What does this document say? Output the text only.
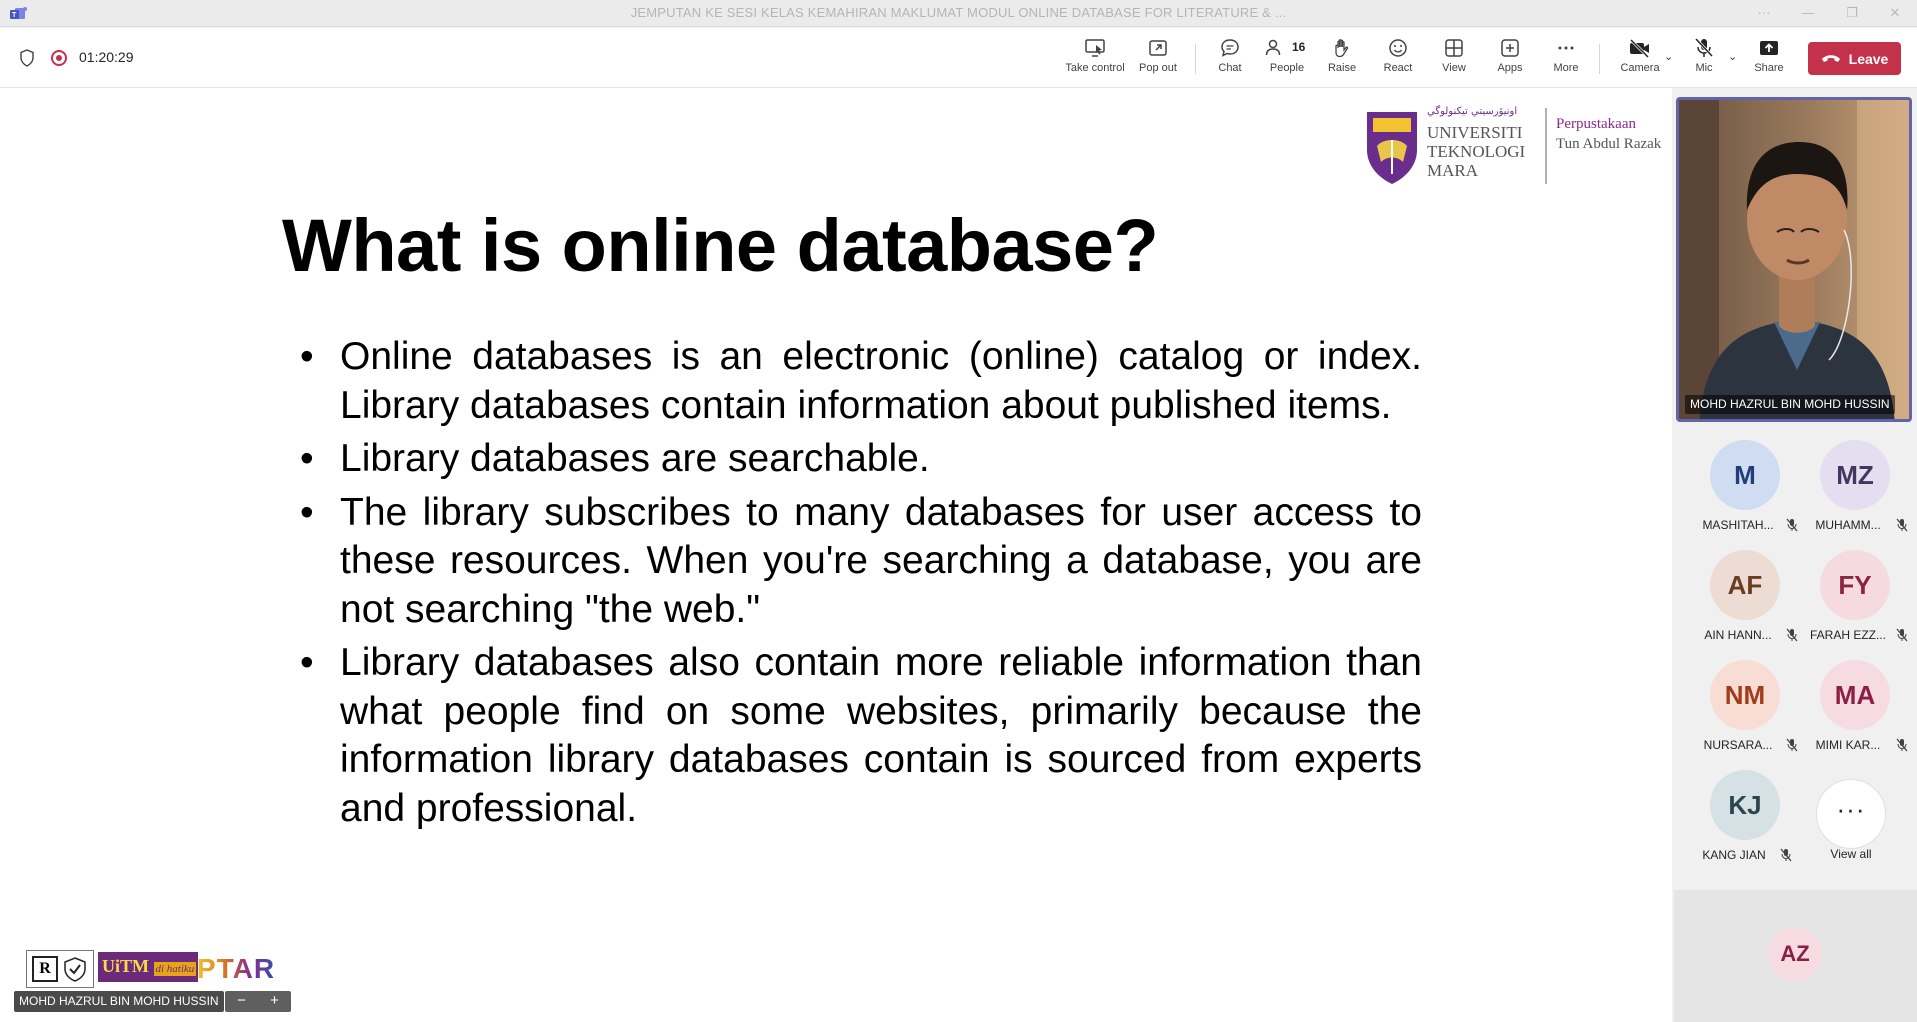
T	JEMPUTAN KE SESI KELAS KEMAHIRAN MAKLUMAT MODUL ONLINE DATABASE FOR LITERATURE & ...	···	—	❐	✕
01:20:29
Take control	Pop out	Chat
16
People	Raise	React	View	Apps	More	Camera
⌄
Mic
⌄
Share
Leave
ﺍﻭﻧﻴﯚﺭﺳﻴﺘﻲ ﺗﻴﻜﻨﻮﻟﻮﮔﻲ
UNIVERSITI
TEKNOLOGI
MARA
Perpustakaan
Tun Abdul Razak
What is online database?
• Online databases is an electronic (online) catalog or index. Library databases contain information about published items.
• Library databases are searchable.
• The library subscribes to many databases for user access to these resources. When you're searching a database, you are not searching "the web."
• Library databases also contain more reliable information than what people find on some websites, primarily because the information library databases contain is sourced from experts and professional.
R	UiTM di hatiku PTAR
MOHD HAZRUL BIN MOHD HUSSIN	−	+
MOHD HAZRUL BIN MOHD HUSSIN
M
MASHITAH...
MZ
MUHAMM...
AF
AIN HANN...
FY
FARAH EZZ...
NM
NURSARA...
MA
MIMI KAR...
KJ
KANG JIAN
···
View all
AZ
